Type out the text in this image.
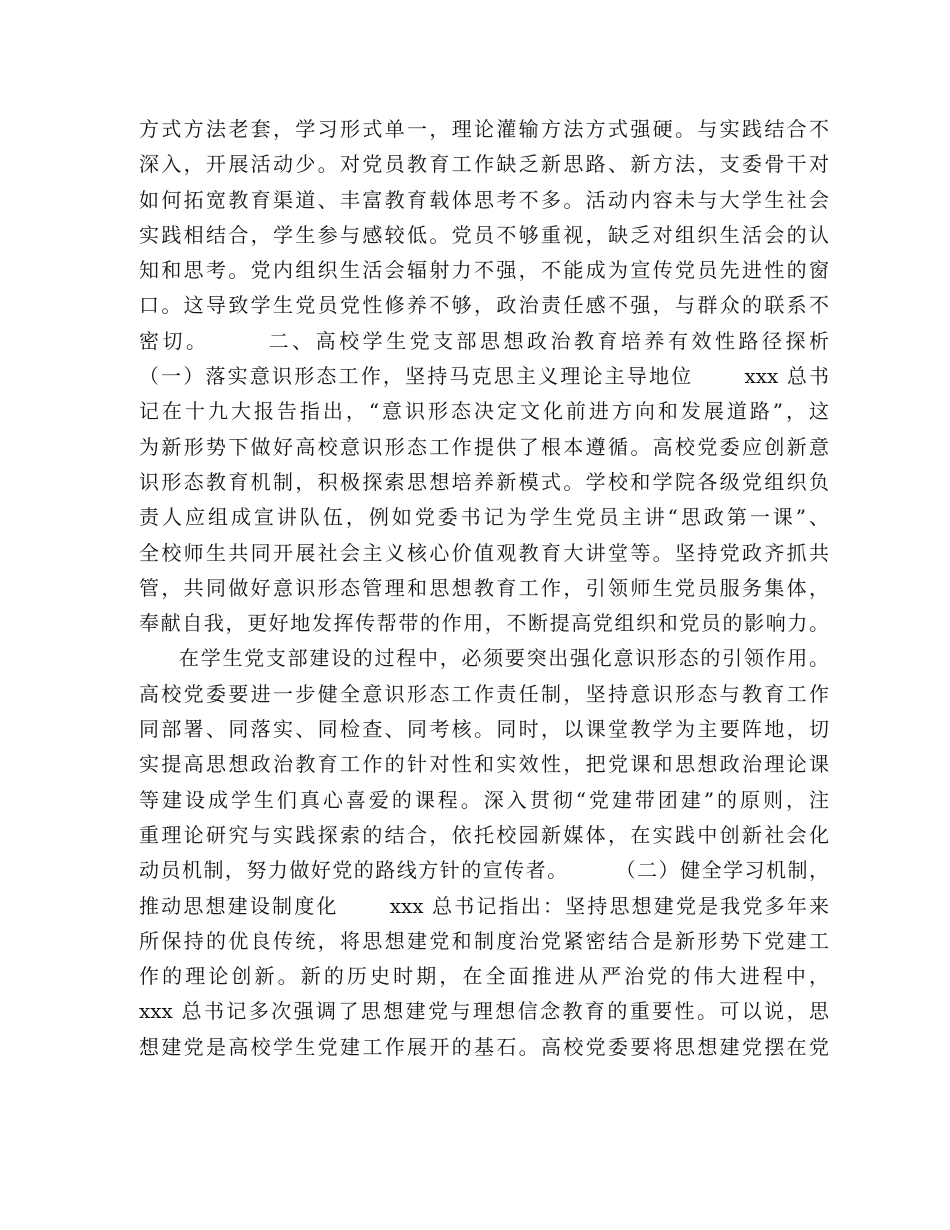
方式方法老套，学习形式单一，理论灌输方法方式强硬。与实践结合不
深入，开展活动少。对党员教育工作缺乏新思路、新方法，支委骨干对
如何拓宽教育渠道、丰富教育载体思考不多。活动内容未与大学生社会
实践相结合，学生参与感较低。党员不够重视，缺乏对组织生活会的认
知和思考。党内组织生活会辐射力不强，不能成为宣传党员先进性的窗
口。这导致学生党员党性修养不够，政治责任感不强，与群众的联系不
密切。      二、高校学生党支部思想政治教育培养有效性路径探析
（一）落实意识形态工作，坚持马克思主义理论主导地位      xxx 总书
记在十九大报告指出，“意识形态决定文化前进方向和发展道路”，这
为新形势下做好高校意识形态工作提供了根本遵循。高校党委应创新意
识形态教育机制，积极探索思想培养新模式。学校和学院各级党组织负
责人应组成宣讲队伍，例如党委书记为学生党员主讲“思政第一课”、
全校师生共同开展社会主义核心价值观教育大讲堂等。坚持党政齐抓共
管，共同做好意识形态管理和思想教育工作，引领师生党员服务集体，
奉献自我，更好地发挥传帮带的作用，不断提高党组织和党员的影响力。
在学生党支部建设的过程中，必须要突出强化意识形态的引领作用。
高校党委要进一步健全意识形态工作责任制，坚持意识形态与教育工作
同部署、同落实、同检查、同考核。同时，以课堂教学为主要阵地，切
实提高思想政治教育工作的针对性和实效性，把党课和思想政治理论课
等建设成学生们真心喜爱的课程。深入贯彻“党建带团建”的原则，注
重理论研究与实践探索的结合，依托校园新媒体，在实践中创新社会化
动员机制，努力做好党的路线方针的宣传者。      （二）健全学习机制，
推动思想建设制度化      xxx 总书记指出：坚持思想建党是我党多年来
所保持的优良传统，将思想建党和制度治党紧密结合是新形势下党建工
作的理论创新。新的历史时期，在全面推进从严治党的伟大进程中，
xxx 总书记多次强调了思想建党与理想信念教育的重要性。可以说，思
想建党是高校学生党建工作展开的基石。高校党委要将思想建党摆在党
